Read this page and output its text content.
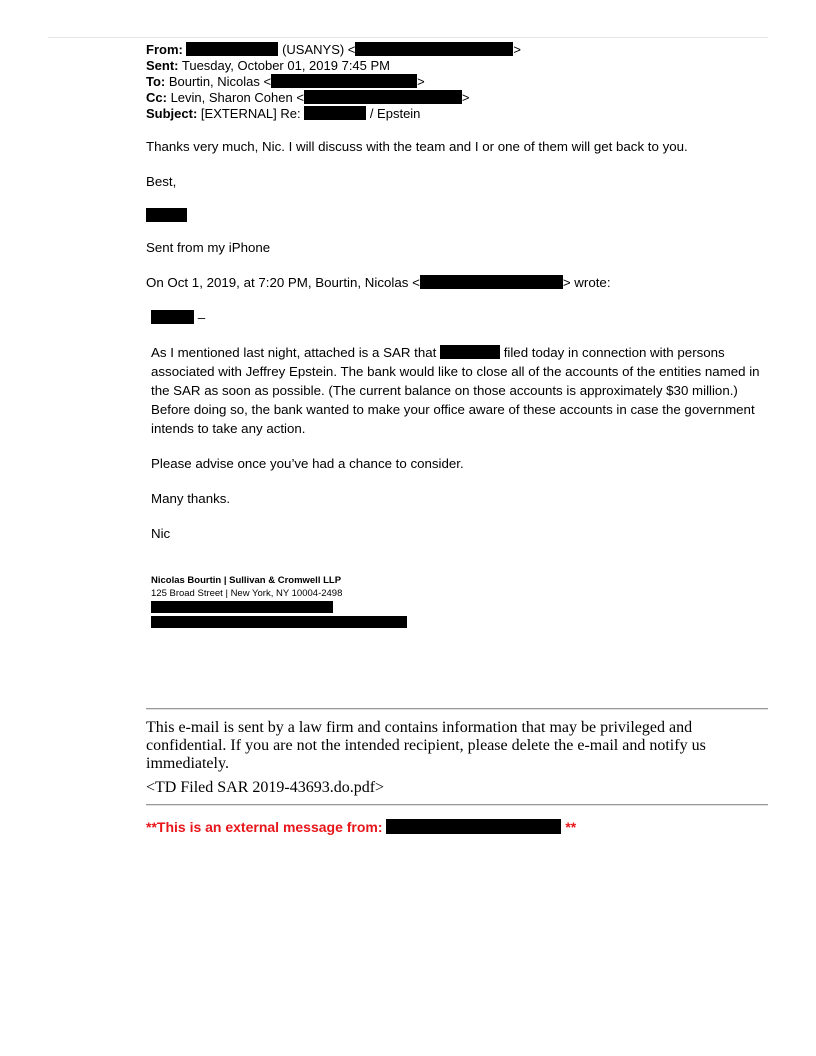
From:	(USANYS) <	>
Sent: Tuesday, October 01, 2019 7:45 PM
To: Bourtin, Nicolas <	>
Cc: Levin, Sharon Cohen <	>
Subject: [EXTERNAL] Re:	/ Epstein

Thanks very much, Nic. I will discuss with the team and I or one of them will get back to you.

Best,

Sent from my iPhone

On Oct 1, 2019, at 7:20 PM, Bourtin, Nicolas <	> wrote:

–

As I mentioned last night, attached is a SAR that	filed today in connection with persons associated with Jeffrey Epstein. The bank would like to close all of the accounts of the entities named in the SAR as soon as possible. (The current balance on those accounts is approximately $30 million.) Before doing so, the bank wanted to make your office aware of these accounts in case the government intends to take any action.

Please advise once you’ve had a chance to consider.

Many thanks.

Nic

Nicolas Bourtin | Sullivan & Cromwell LLP
125 Broad Street | New York, NY 10004-2498
This e-mail is sent by a law firm and contains information that may be privileged and confidential. If you are not the intended recipient, please delete the e-mail and notify us immediately.
<TD Filed SAR 2019-43693.do.pdf>
**This is an external message from:	**
